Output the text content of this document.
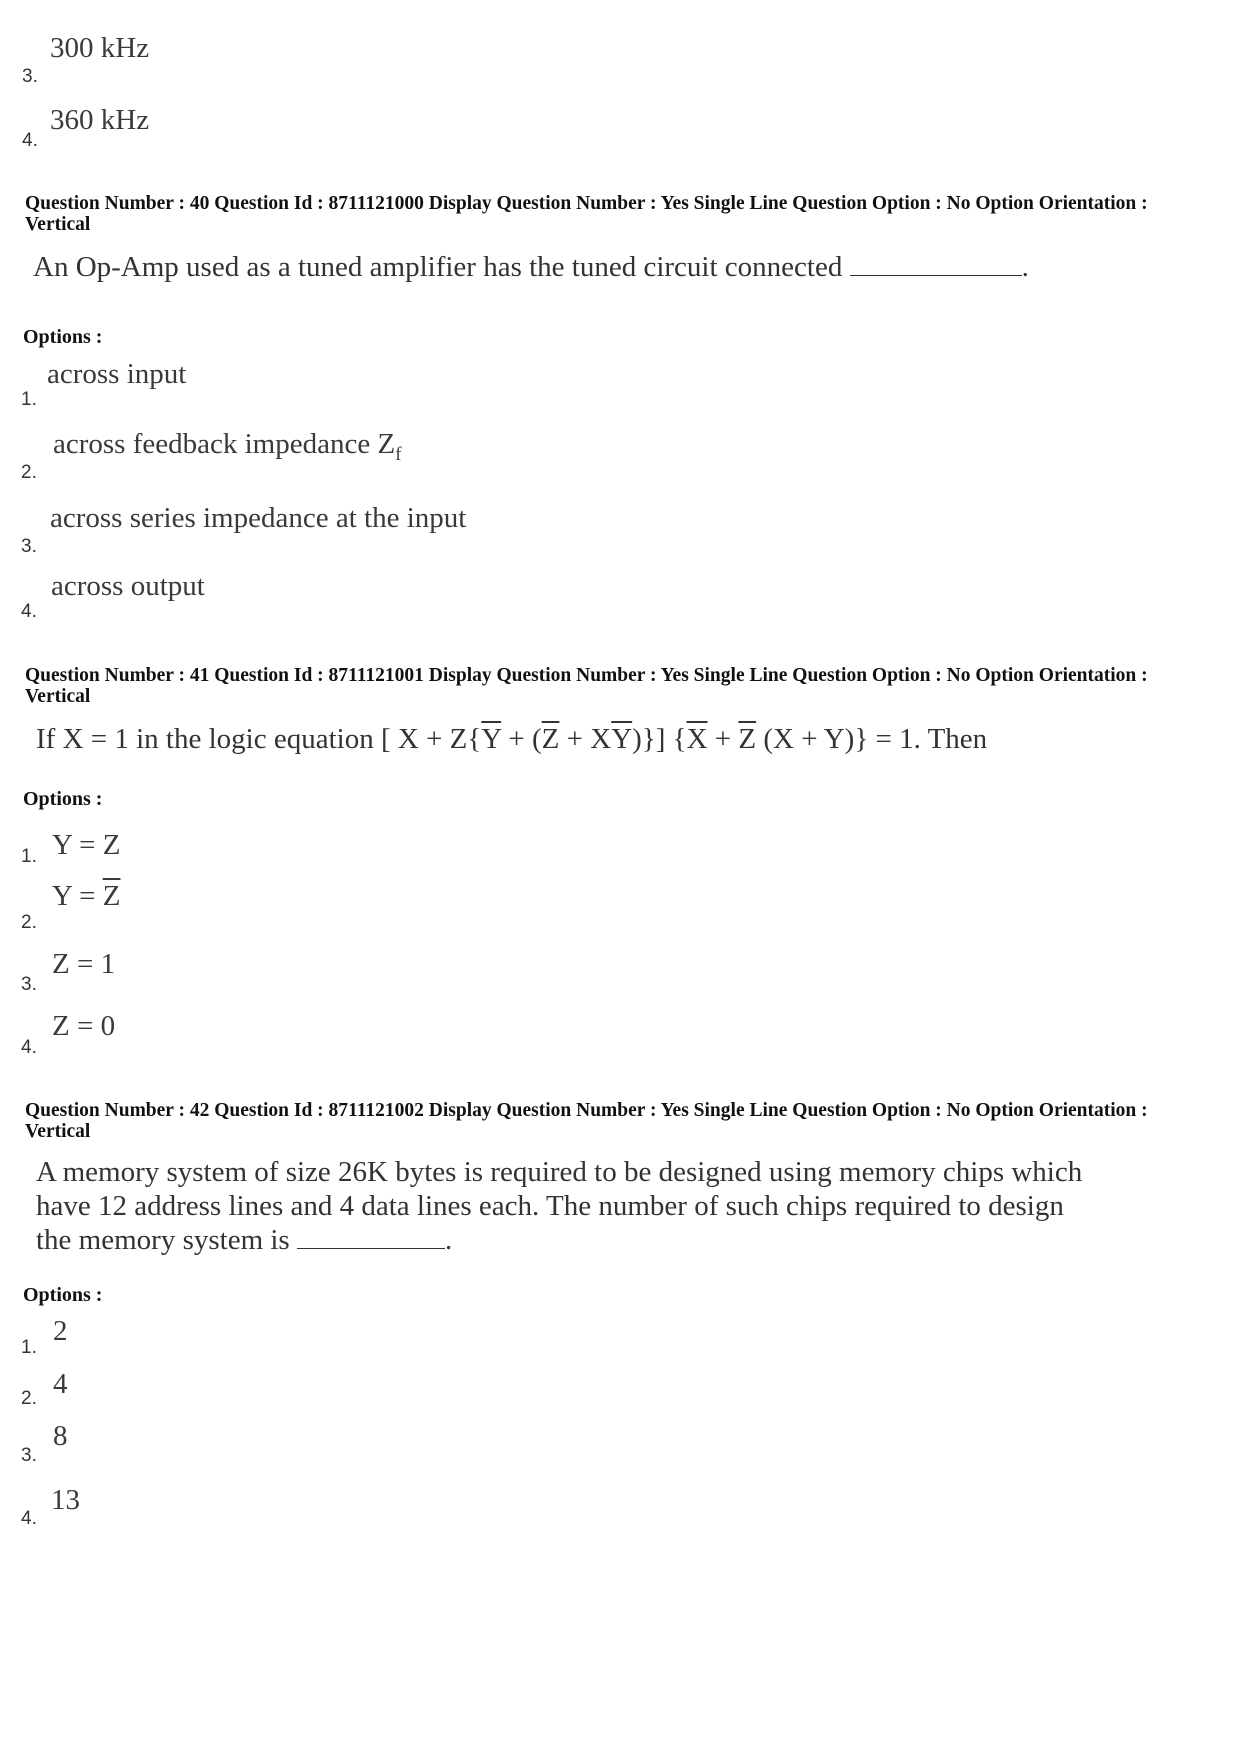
300 kHz
3.
360 kHz
4.
Question Number : 40 Question Id : 8711121000 Display Question Number : Yes Single Line Question Option : No Option Orientation : Vertical
An Op-Amp used as a tuned amplifier has the tuned circuit connected	.
Options :
across input
1.
across feedback impedance $Z_f$
2.
across series impedance at the input
3.
across output
4.
Question Number : 41 Question Id : 8711121001 Display Question Number : Yes Single Line Question Option : No Option Orientation : Vertical
If X = 1 in the logic equation [ $X + Z\{\overline{Y} + (\overline{Z} + X\overline{Y})\}$] {$\overline{X} + \overline{Z}$ (X + Y)} = 1. Then
Options :
Y = Z
1.
$Y = \overline{Z}$
2.
Z = 1
3.
Z = 0
4.
Question Number : 42 Question Id : 8711121002 Display Question Number : Yes Single Line Question Option : No Option Orientation : Vertical
A memory system of size 26K bytes is required to be designed using memory chips which
have 12 address lines and 4 data lines each. The number of such chips required to design
the memory system is	.
Options :
2
1.
4
2.
8
3.
13
4.
